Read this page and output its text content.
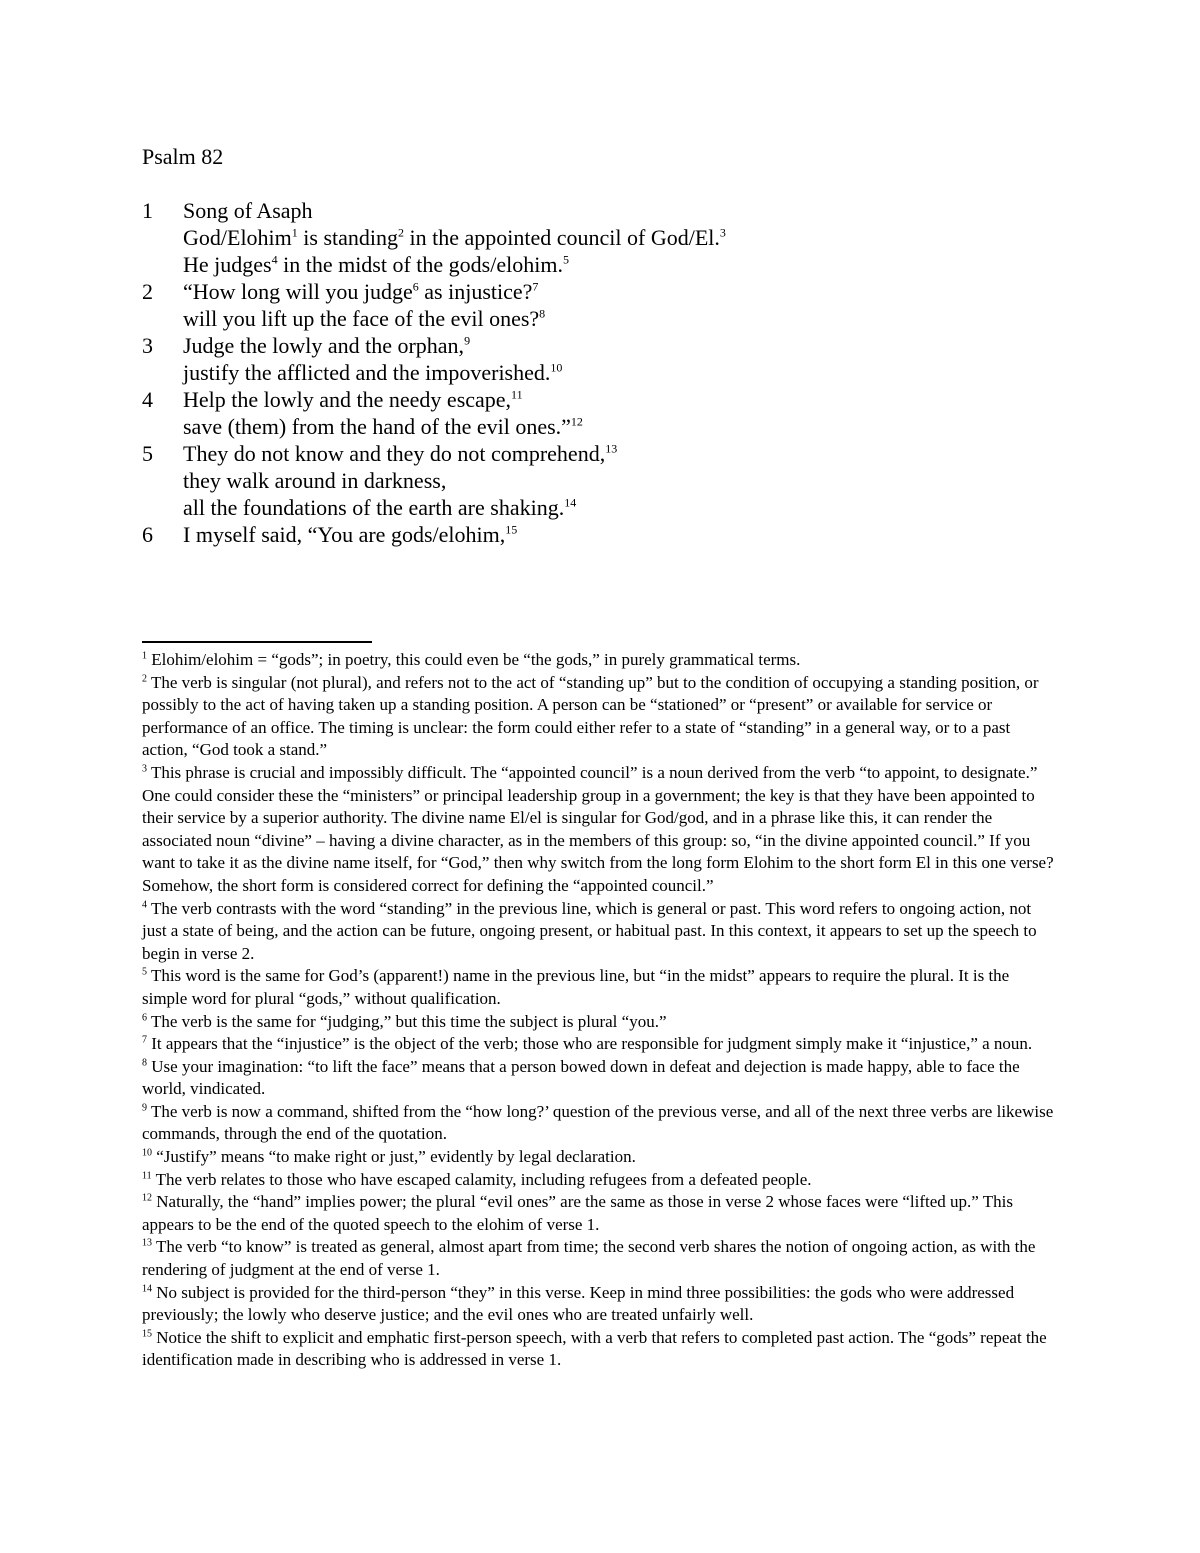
Psalm 82
1 Song of Asaph
God/Elohim$^1$ is standing$^2$ in the appointed council of God/El.$^3$
He judges$^4$ in the midst of the gods/elohim.$^5$
2 “How long will you judge$^6$ as injustice?$^7$
will you lift up the face of the evil ones?$^8$
3 Judge the lowly and the orphan,$^9$
justify the afflicted and the impoverished.$^{10}$
4 Help the lowly and the needy escape,$^{11}$
save (them) from the hand of the evil ones.”$^{12}$
5 They do not know and they do not comprehend,$^{13}$
they walk around in darkness,
all the foundations of the earth are shaking.$^{14}$
6 I myself said, “You are gods/elohim,$^{15}$

$^1$ Elohim/elohim = “gods”; in poetry, this could even be “the gods,” in purely grammatical terms.

$^2$ The verb is singular (not plural), and refers not to the act of “standing up” but to the condition of occupying a standing position, or possibly to the act of having taken up a standing position. A person can be “stationed” or “present” or available for service or performance of an office. The timing is unclear: the form could either refer to a state of “standing” in a general way, or to a past action, “God took a stand.”

$^3$ This phrase is crucial and impossibly difficult. The “appointed council” is a noun derived from the verb “to appoint, to designate.” One could consider these the “ministers” or principal leadership group in a government; the key is that they have been appointed to their service by a superior authority. The divine name El/el is singular for God/god, and in a phrase like this, it can render the associated noun “divine” – having a divine character, as in the members of this group: so, “in the divine appointed council.” If you want to take it as the divine name itself, for “God,” then why switch from the long form Elohim to the short form El in this one verse? Somehow, the short form is considered correct for defining the “appointed council.”

$^4$ The verb contrasts with the word “standing” in the previous line, which is general or past. This word refers to ongoing action, not just a state of being, and the action can be future, ongoing present, or habitual past. In this context, it appears to set up the speech to begin in verse 2.

$^5$ This word is the same for God’s (apparent!) name in the previous line, but “in the midst” appears to require the plural. It is the simple word for plural “gods,” without qualification.

$^6$ The verb is the same for “judging,” but this time the subject is plural “you.”

$^7$ It appears that the “injustice” is the object of the verb; those who are responsible for judgment simply make it “injustice,” a noun.

$^8$ Use your imagination: “to lift the face” means that a person bowed down in defeat and dejection is made happy, able to face the world, vindicated.

$^9$ The verb is now a command, shifted from the “how long?’ question of the previous verse, and all of the next three verbs are likewise commands, through the end of the quotation.

$^{10}$ “Justify” means “to make right or just,” evidently by legal declaration.

$^{11}$ The verb relates to those who have escaped calamity, including refugees from a defeated people.

$^{12}$ Naturally, the “hand” implies power; the plural “evil ones” are the same as those in verse 2 whose faces were “lifted up.” This appears to be the end of the quoted speech to the elohim of verse 1.

$^{13}$ The verb “to know” is treated as general, almost apart from time; the second verb shares the notion of ongoing action, as with the rendering of judgment at the end of verse 1.

$^{14}$ No subject is provided for the third-person “they” in this verse. Keep in mind three possibilities: the gods who were addressed previously; the lowly who deserve justice; and the evil ones who are treated unfairly well.

$^{15}$ Notice the shift to explicit and emphatic first-person speech, with a verb that refers to completed past action. The “gods” repeat the identification made in describing who is addressed in verse 1.
